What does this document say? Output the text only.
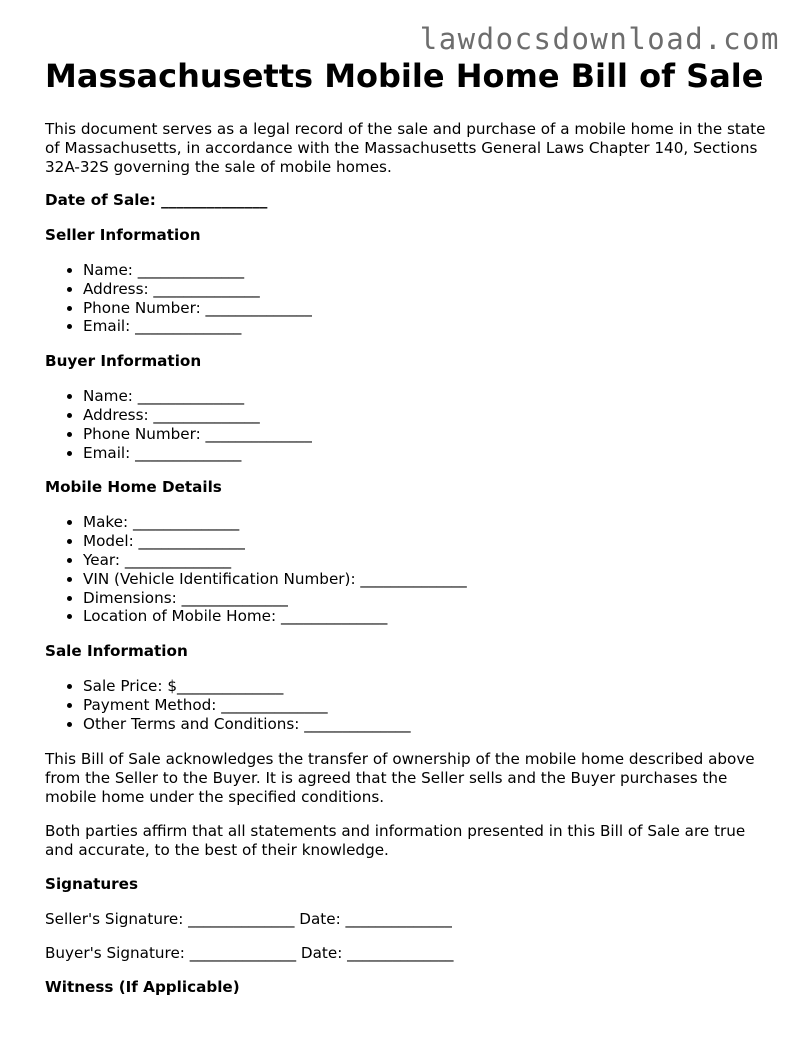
lawdocsdownload.com
Massachusetts Mobile Home Bill of Sale

This document serves as a legal record of the sale and purchase of a mobile home in the state of Massachusetts, in accordance with the Massachusetts General Laws Chapter 140, Sections 32A-32S governing the sale of mobile homes.

Date of Sale: ______________

Seller Information
• Name: ______________
• Address: ______________
• Phone Number: ______________
• Email: ______________
Buyer Information
• Name: ______________
• Address: ______________
• Phone Number: ______________
• Email: ______________
Mobile Home Details
• Make: ______________
• Model: ______________
• Year: ______________
• VIN (Vehicle Identification Number): ______________
• Dimensions: ______________
• Location of Mobile Home: ______________
Sale Information
• Sale Price: $______________
• Payment Method: ______________
• Other Terms and Conditions: ______________

This Bill of Sale acknowledges the transfer of ownership of the mobile home described above from the Seller to the Buyer. It is agreed that the Seller sells and the Buyer purchases the mobile home under the specified conditions.

Both parties affirm that all statements and information presented in this Bill of Sale are true and accurate, to the best of their knowledge.

Signatures

Seller's Signature: ______________ Date: ______________

Buyer's Signature: ______________ Date: ______________

Witness (If Applicable)
